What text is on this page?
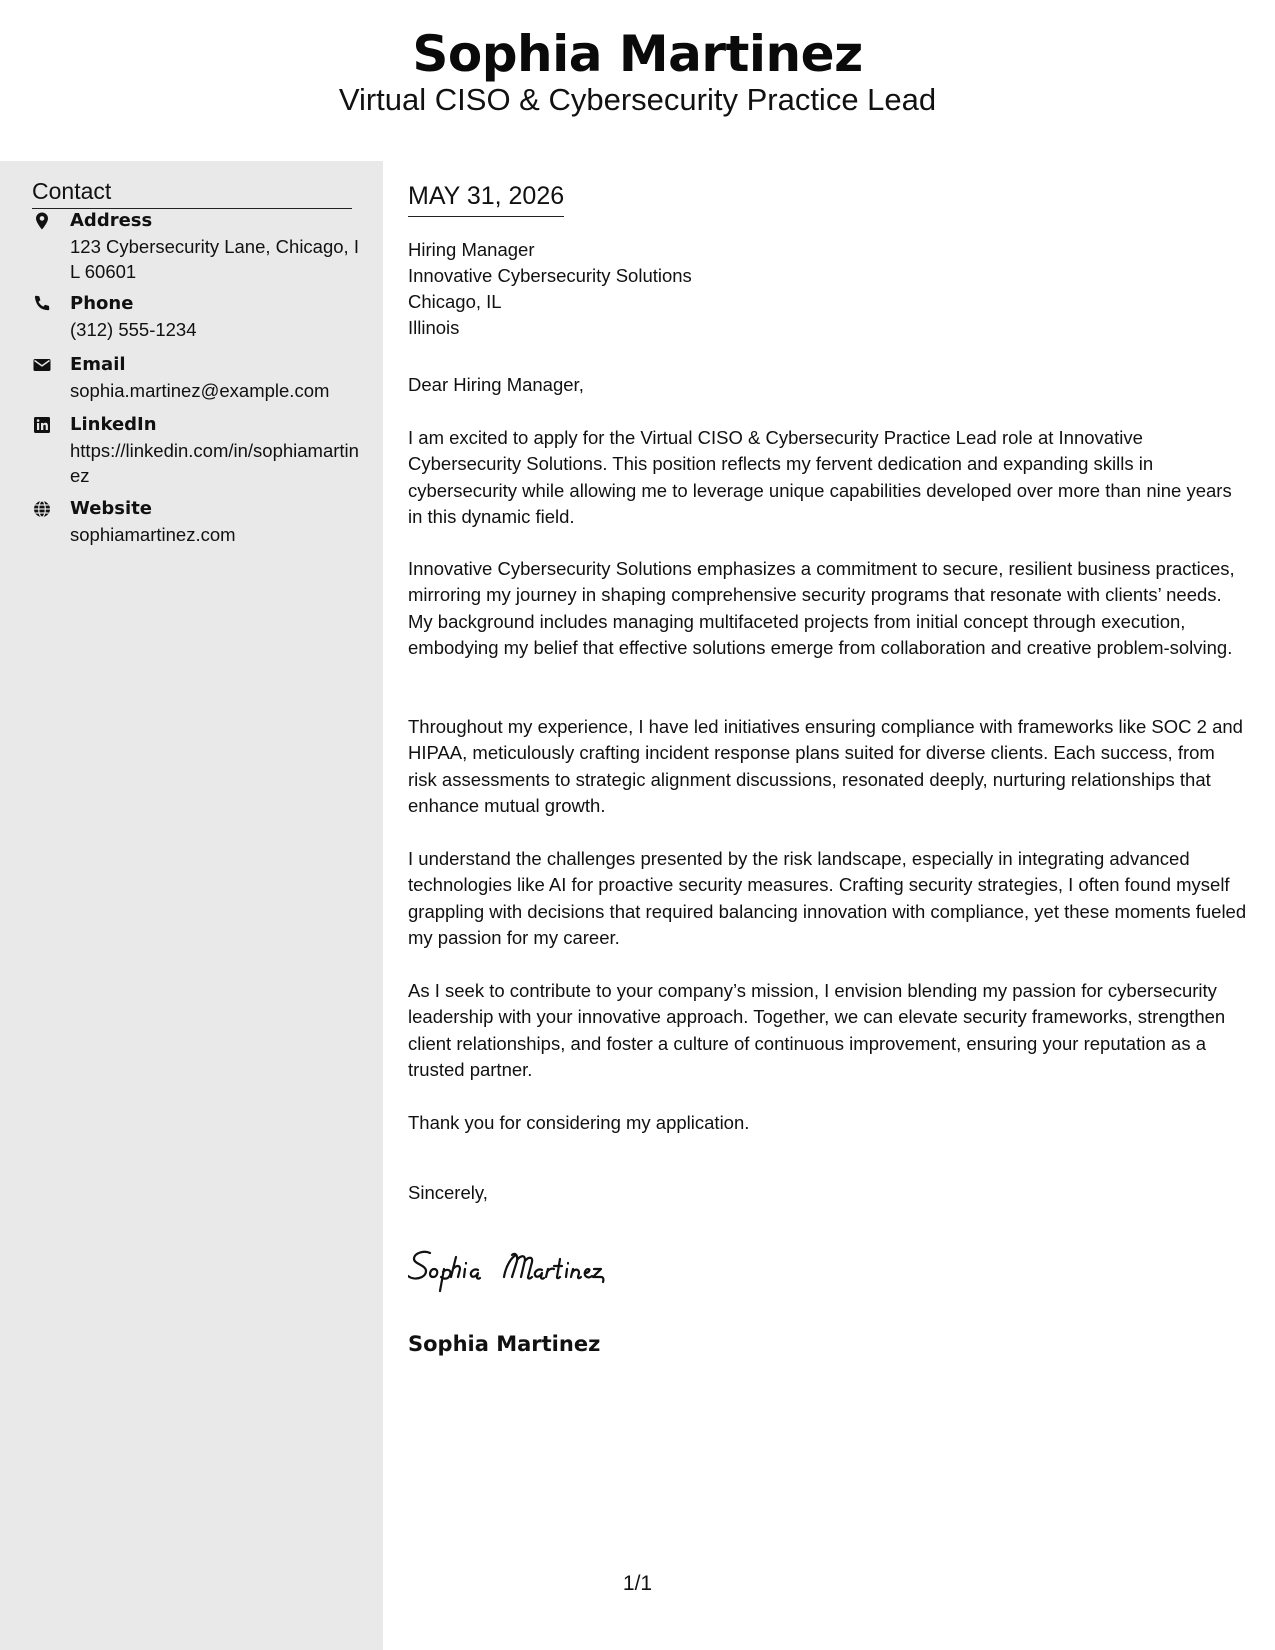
Sophia Martinez
Virtual CISO & Cybersecurity Practice Lead
Contact
Address
123 Cybersecurity Lane, Chicago, IL 60601
Phone
(312) 555-1234
Email
sophia.martinez@example.com
LinkedIn
https://linkedin.com/in/sophiamartinez
Website
sophiamartinez.com
MAY 31, 2026
Hiring Manager
Innovative Cybersecurity Solutions
Chicago, IL
Illinois
Dear Hiring Manager,
I am excited to apply for the Virtual CISO & Cybersecurity Practice Lead role at Innovative Cybersecurity Solutions. This position reflects my fervent dedication and expanding skills in cybersecurity while allowing me to leverage unique capabilities developed over more than nine years in this dynamic field.
Innovative Cybersecurity Solutions emphasizes a commitment to secure, resilient business practices, mirroring my journey in shaping comprehensive security programs that resonate with clients’ needs. My background includes managing multifaceted projects from initial concept through execution, embodying my belief that effective solutions emerge from collaboration and creative problem-solving.
Throughout my experience, I have led initiatives ensuring compliance with frameworks like SOC 2 and HIPAA, meticulously crafting incident response plans suited for diverse clients. Each success, from risk assessments to strategic alignment discussions, resonated deeply, nurturing relationships that enhance mutual growth.
I understand the challenges presented by the risk landscape, especially in integrating advanced technologies like AI for proactive security measures. Crafting security strategies, I often found myself grappling with decisions that required balancing innovation with compliance, yet these moments fueled my passion for my career.
As I seek to contribute to your company’s mission, I envision blending my passion for cybersecurity leadership with your innovative approach. Together, we can elevate security frameworks, strengthen client relationships, and foster a culture of continuous improvement, ensuring your reputation as a trusted partner.
Thank you for considering my application.
Sincerely,
Sophia Martinez
1/1
